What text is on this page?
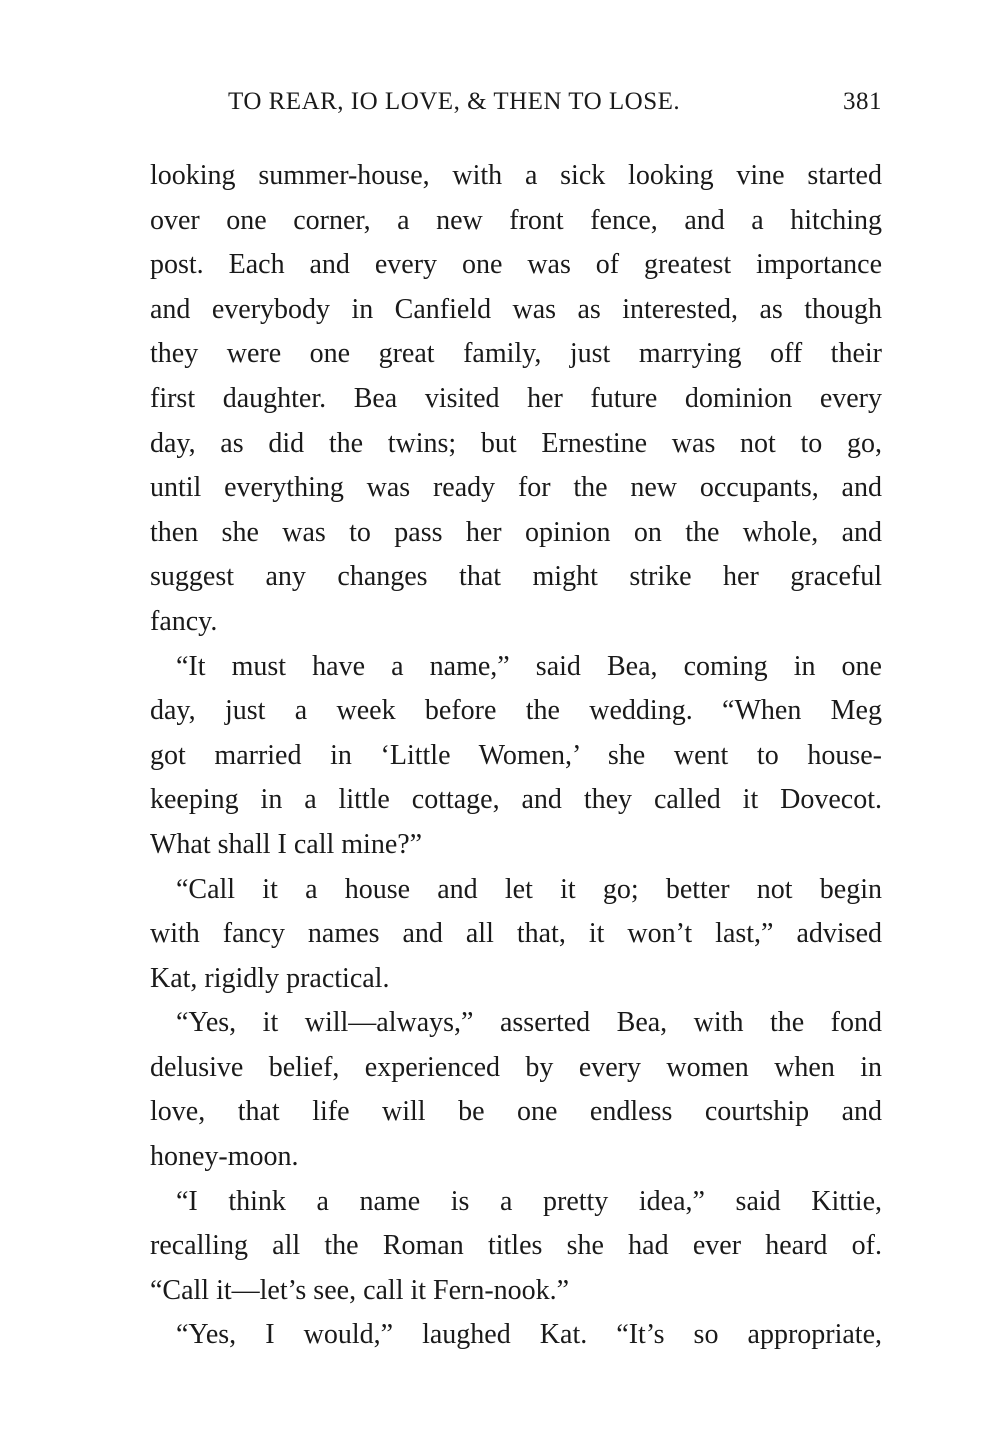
TO REAR, IO LOVE, & THEN TO LOSE.	381

looking summer-house, with a sick looking vine started
over one corner, a new front fence, and a hitching
post. Each and every one was of greatest importance
and everybody in Canfield was as interested, as though
they were one great family, just marrying off their
first daughter. Bea visited her future dominion every
day, as did the twins; but Ernestine was not to go,
until everything was ready for the new occupants, and
then she was to pass her opinion on the whole, and
suggest any changes that might strike her graceful
fancy.

“It must have a name,” said Bea, coming in one
day, just a week before the wedding. “When Meg
got married in ‘Little Women,’ she went to house-
keeping in a little cottage, and they called it Dovecot.
What shall I call mine?”

“Call it a house and let it go; better not begin
with fancy names and all that, it won’t last,” advised
Kat, rigidly practical.

“Yes, it will—always,” asserted Bea, with the fond
delusive belief, experienced by every women when in
love, that life will be one endless courtship and
honey-moon.

“I think a name is a pretty idea,” said Kittie,
recalling all the Roman titles she had ever heard of.
“Call it—let’s see, call it Fern-nook.”

“Yes, I would,” laughed Kat. “It’s so appropriate,
